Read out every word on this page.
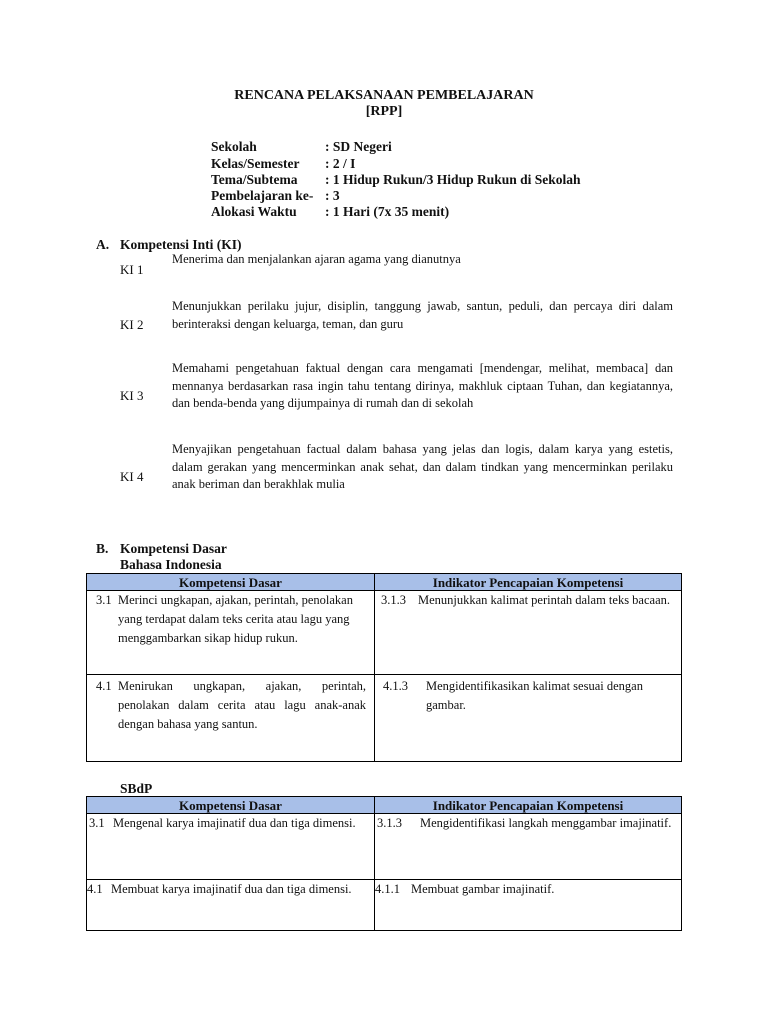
RENCANA PELAKSANAAN PEMBELAJARAN
[RPP]
Sekolah	: SD Negeri
Kelas/Semester : 2 / I
Tema/Subtema : 1 Hidup Rukun/3 Hidup Rukun di Sekolah
Pembelajaran ke- : 3
Alokasi Waktu : 1 Hari (7x 35 menit)
A. Kompetensi Inti (KI)
KI 1
Menerima dan menjalankan ajaran agama yang dianutnya
KI 2
Menunjukkan perilaku jujur, disiplin, tanggung jawab, santun, peduli, dan percaya diri dalam berinteraksi dengan keluarga, teman, dan guru
KI 3
Memahami pengetahuan faktual dengan cara mengamati [mendengar, melihat, membaca] dan mennanya berdasarkan rasa ingin tahu tentang dirinya, makhluk ciptaan Tuhan, dan kegiatannya, dan benda-benda yang dijumpainya di rumah dan di sekolah
KI 4
Menyajikan pengetahuan factual dalam bahasa yang jelas dan logis, dalam karya yang estetis, dalam gerakan yang mencerminkan anak sehat, dan dalam tindkan yang mencerminkan perilaku anak beriman dan berakhlak mulia
B. Kompetensi Dasar
Bahasa Indonesia
Kompetensi Dasar	Indikator Pencapaian Kompetensi

3.1 Merinci ungkapan, ajakan, perintah, penolakan yang terdapat dalam teks cerita atau lagu yang menggambarkan sikap hidup rukun.	3.1.3 Menunjukkan kalimat perintah dalam teks bacaan.

4.1 Menirukan ungkapan, ajakan, perintah, penolakan dalam cerita atau lagu anak-anak dengan bahasa yang santun.	4.1.3 Mengidentifikasikan kalimat sesuai dengan gambar.
SBdP
Kompetensi Dasar	Indikator Pencapaian Kompetensi

3.1 Mengenal karya imajinatif dua dan tiga dimensi.	3.1.3 Mengidentifikasi langkah menggambar imajinatif.

4.1 Membuat karya imajinatif dua dan tiga dimensi.	4.1.1 Membuat gambar imajinatif.
